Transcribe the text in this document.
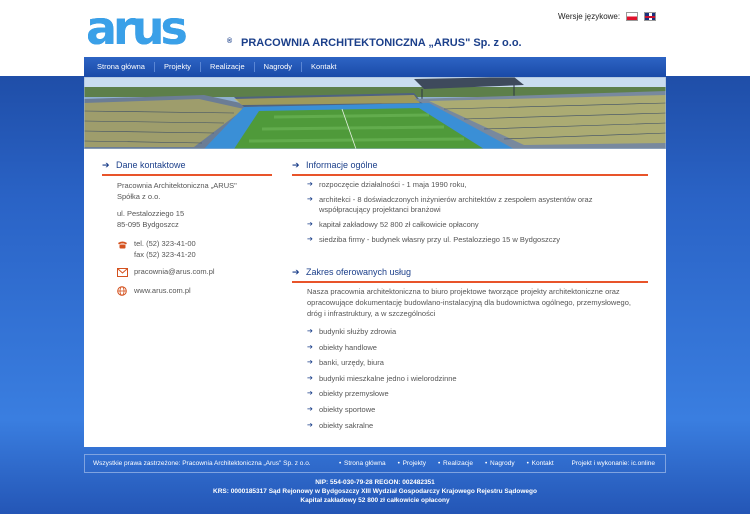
arus	® PRACOWNIA ARCHITEKTONICZNA „ARUS" Sp. z o.o.
Wersje językowe:
Strona główna	Projekty	Realizacje	Nagrody	Kontakt
➔ Dane kontaktowe
Pracownia Architektoniczna „ARUS"
Spółka z o.o.
ul. Pestalozziego 15
85-095 Bydgoszcz
tel. (52) 323-41-00
fax (52) 323-41-20
pracownia@arus.com.pl
www.arus.com.pl
➔ Informacje ogólne
➔ rozpoczęcie działalności - 1 maja 1990 roku,
➔ architekci - 8 doświadczonych inżynierów architektów z zespołem asystentów oraz
współpracujący projektanci branżowi
➔ kapitał zakładowy 52 800 zł całkowicie opłacony
➔ siedziba firmy - budynek własny przy ul. Pestalozziego 15 w Bydgoszczy
➔ Zakres oferowanych usług
Nasza pracownia architektoniczna to biuro projektowe tworzące projekty architektoniczne oraz
opracowujące dokumentację budowlano-instalacyjną dla budownictwa ogólnego, przemysłowego,
dróg i infrastruktury, a w szczególności
➔ budynki służby zdrowia
➔ obiekty handlowe
➔ banki, urzędy, biura
➔ budynki mieszkalne jedno i wielorodzinne
➔ obiekty przemysłowe
➔ obiekty sportowe
➔ obiekty sakralne
Wszystkie prawa zastrzeżone: Pracownia Architektoniczna „Arus" Sp. z o.o.	• Strona główna	• Projekty	• Realizacje	• Nagrody	• Kontakt	Projekt i wykonanie: ic.online
NIP: 554-030-79-28 REGON: 002482351
KRS: 0000185317 Sąd Rejonowy w Bydgoszczy XIII Wydział Gospodarczy Krajowego Rejestru Sądowego
Kapitał zakładowy 52 800 zł całkowicie opłacony
